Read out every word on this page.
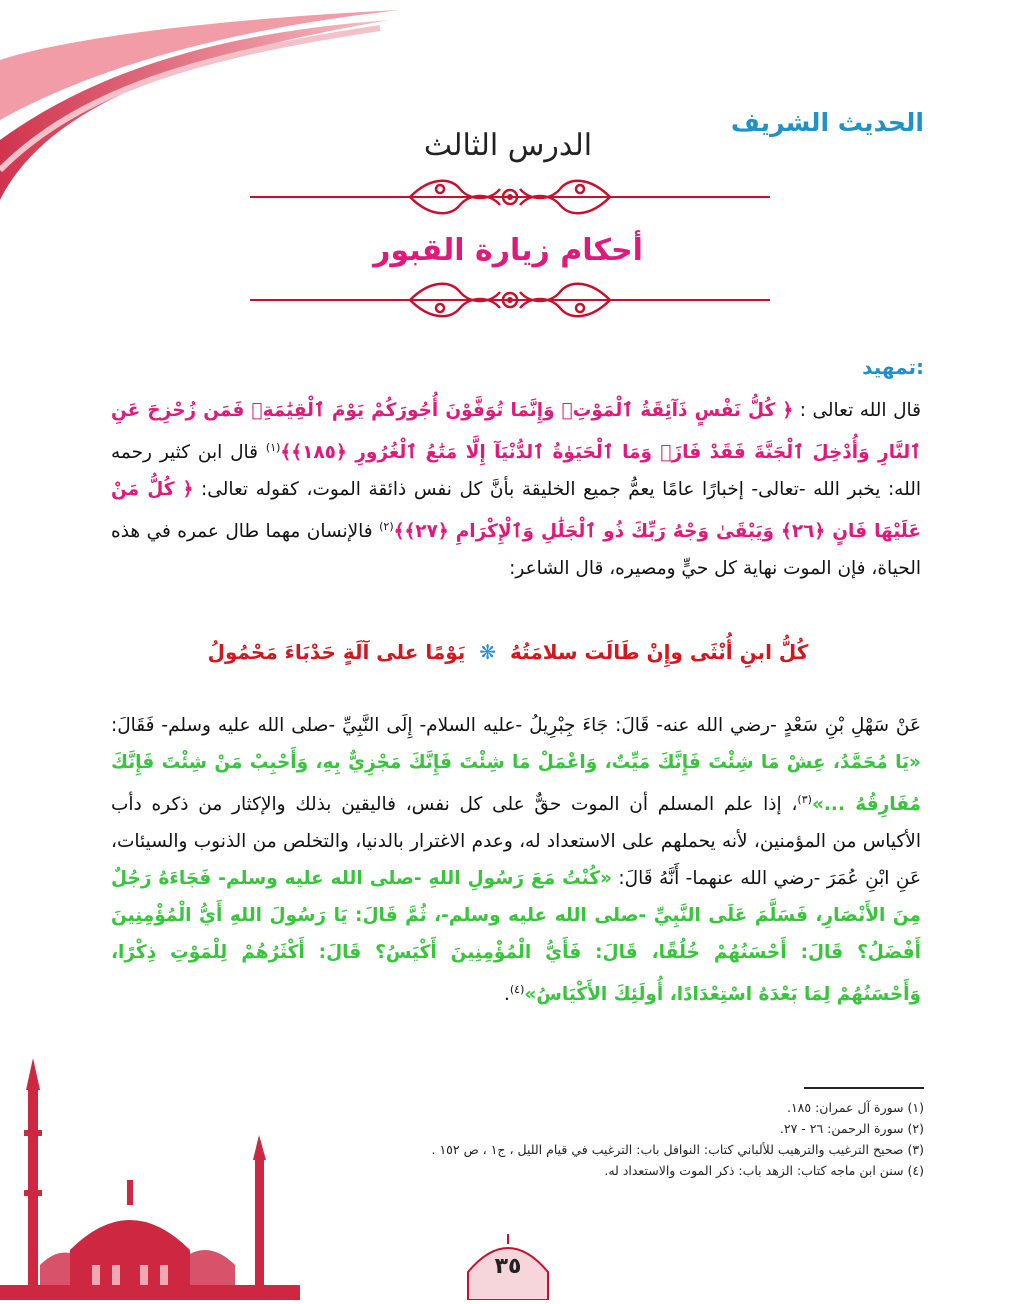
الحديث الشريف
الدرس الثالث
أحكام زيارة القبور
تمهيد:
قال الله تعالى : ﴿ كُلُّ نَفْسٍ ذَآئِقَةُ ٱلْمَوْتِۗ وَإِنَّمَا تُوَفَّوْنَ أُجُورَكُمْ يَوْمَ ٱلْقِيَٰمَةِۖ فَمَن زُحْزِحَ عَنِ ٱلنَّارِ وَأُدْخِلَ ٱلْجَنَّةَ فَقَدْ فَازَۗ وَمَا ٱلْحَيَوٰةُ ٱلدُّنْيَآ إِلَّا مَتَٰعُ ٱلْغُرُورِ ﴿١٨٥﴾﴾$^{(١)}$ قال ابن كثير رحمه الله: يخبر الله -تعالى- إخبارًا عامًا يعمُّ جميع الخليقة بأنَّ كل نفس ذائقة الموت، كقوله تعالى: ﴿ كُلُّ مَنْ عَلَيْهَا فَانٍ ﴿٢٦﴾ وَيَبْقَىٰ وَجْهُ رَبِّكَ ذُو ٱلْجَلَٰلِ وَٱلْإِكْرَامِ ﴿٢٧﴾﴾$^{(٢)}$ فالإنسان مهما طال عمره في هذه الحياة، فإن الموت نهاية كل حيٍّ ومصيره، قال الشاعر:
كُلُّ ابنِ أُنْثَى وإِنْ طَالَت سلامَتُهُ❋يَوْمًا على آلَةٍ حَدْبَاءَ مَحْمُولُ
عَنْ سَهْلِ بْنِ سَعْدٍ -رضي الله عنه- قَالَ: جَاءَ جِبْرِيلُ -عليه السلام- إِلَى النَّبِيِّ -صلى الله عليه وسلم- فَقَالَ: «يَا مُحَمَّدُ، عِشْ مَا شِئْتَ فَإِنَّكَ مَيِّتٌ، وَاعْمَلْ مَا شِئْتَ فَإِنَّكَ مَجْزِيٌّ بِهِ، وَأَحْبِبْ مَنْ شِئْتَ فَإِنَّكَ مُفَارِقُهُ ...»$^{(٣)}$، إذا علم المسلم أن الموت حقٌّ على كل نفس، فاليقين بذلك والإكثار من ذكره دأب الأكياس من المؤمنين، لأنه يحملهم على الاستعداد له، وعدم الاغترار بالدنيا، والتخلص من الذنوب والسيئات، عَنِ ابْنِ عُمَرَ -رضي الله عنهما- أَنَّهُ قَالَ: «كُنْتُ مَعَ رَسُولِ اللهِ -صلى الله عليه وسلم- فَجَاءَهُ رَجُلٌ مِنَ الأَنْصَارِ، فَسَلَّمَ عَلَى النَّبِيِّ -صلى الله عليه وسلم-، ثُمَّ قَالَ: يَا رَسُولَ اللهِ أَيُّ الْمُؤْمِنِينَ أَفْضَلُ؟ قَالَ: أَحْسَنُهُمْ خُلُقًا، قَالَ: فَأَيُّ الْمُؤْمِنِينَ أَكْيَسُ؟ قَالَ: أَكْثَرُهُمْ لِلْمَوْتِ ذِكْرًا، وَأَحْسَنُهُمْ لِمَا بَعْدَهُ اسْتِعْدَادًا، أُولَئِكَ الأَكْيَاسُ»$^{(٤)}$.
(١) سورة آل عمران: ١٨٥.
(٢) سورة الرحمن: ٢٦ - ٢٧.
(٣) صحيح الترغيب والترهيب للألباني كتاب: النوافل باب: الترغيب في قيام الليل ، ج١ ، ص ١٥٢ .
(٤) سنن ابن ماجه كتاب: الزهد باب: ذكر الموت والاستعداد له.
٣٥
